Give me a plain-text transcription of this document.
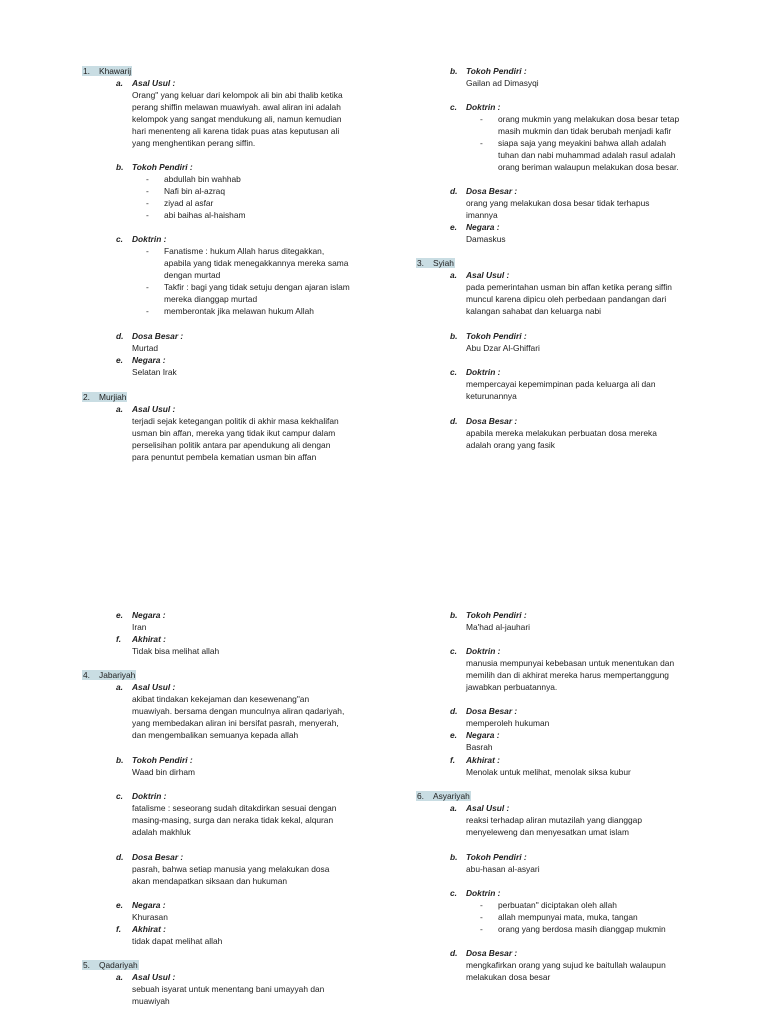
1. Khawarij
a. Asal Usul :
Orang" yang keluar dari kelompok ali bin abi thalib ketika
perang shiffin melawan muawiyah. awal aliran ini adalah
kelompok yang sangat mendukung ali, namun kemudian
hari menenteng ali karena tidak puas atas keputusan ali
yang menghentikan perang siffin.
b. Tokoh Pendiri :
- abdullah bin wahhab
- Nafi bin al-azraq
- ziyad al asfar
- abi baihas al-haisham
c. Doktrin :
- Fanatisme : hukum Allah harus ditegakkan,
apabila yang tidak menegakkannya mereka sama
dengan murtad
- Takfir : bagi yang tidak setuju dengan ajaran islam
mereka dianggap murtad
- memberontak jika melawan hukum Allah
d. Dosa Besar :
Murtad
e. Negara :
Selatan Irak
2. Murjiah
a. Asal Usul :
terjadi sejak ketegangan politik di akhir masa kekhalifan
usman bin affan, mereka yang tidak ikut campur dalam
perselisihan politik antara par apendukung ali dengan
para penuntut pembela kematian usman bin affan
b. Tokoh Pendiri :
Gailan ad Dimasyqi
c. Doktrin :
- orang mukmin yang melakukan dosa besar tetap
masih mukmin dan tidak berubah menjadi kafir
- siapa saja yang meyakini bahwa allah adalah
tuhan dan nabi muhammad adalah rasul adalah
orang beriman walaupun melakukan dosa besar.
d. Dosa Besar :
orang yang melakukan dosa besar tidak terhapus
imannya
e. Negara :
Damaskus
3. Syiah
a. Asal Usul :
pada pemerintahan usman bin affan ketika perang siffin
muncul karena dipicu oleh perbedaan pandangan dari
kalangan sahabat dan keluarga nabi
b. Tokoh Pendiri :
Abu Dzar Al-Ghiffari
c. Doktrin :
mempercayai kepemimpinan pada keluarga ali dan
keturunannya
d. Dosa Besar :
apabila mereka melakukan perbuatan dosa mereka
adalah orang yang fasik
e. Negara :
Iran
f. Akhirat :
Tidak bisa melihat allah
4. Jabariyah
a. Asal Usul :
akibat tindakan kekejaman dan kesewenang"an
muawiyah. bersama dengan munculnya aliran qadariyah,
yang membedakan aliran ini bersifat pasrah, menyerah,
dan mengembalikan semuanya kepada allah
b. Tokoh Pendiri :
Waad bin dirham
c. Doktrin :
fatalisme : seseorang sudah ditakdirkan sesuai dengan
masing-masing, surga dan neraka tidak kekal, alquran
adalah makhluk
d. Dosa Besar :
pasrah, bahwa setiap manusia yang melakukan dosa
akan mendapatkan siksaan dan hukuman
e. Negara :
Khurasan
f. Akhirat :
tidak dapat melihat allah
5. Qadariyah
a. Asal Usul :
sebuah isyarat untuk menentang bani umayyah dan
muawiyah
b. Tokoh Pendiri :
Ma'had al-jauhari
c. Doktrin :
manusia mempunyai kebebasan untuk menentukan dan
memilih dan di akhirat mereka harus mempertanggung
jawabkan perbuatannya.
d. Dosa Besar :
memperoleh hukuman
e. Negara :
Basrah
f. Akhirat :
Menolak untuk melihat, menolak siksa kubur
6. Asyariyah
a. Asal Usul :
reaksi terhadap aliran mutazilah yang dianggap
menyeleweng dan menyesatkan umat islam
b. Tokoh Pendiri :
abu-hasan al-asyari
c. Doktrin :
- perbuatan" diciptakan oleh allah
- allah mempunyai mata, muka, tangan
- orang yang berdosa masih dianggap mukmin
d. Dosa Besar :
mengkafirkan orang yang sujud ke baitullah walaupun
melakukan dosa besar
